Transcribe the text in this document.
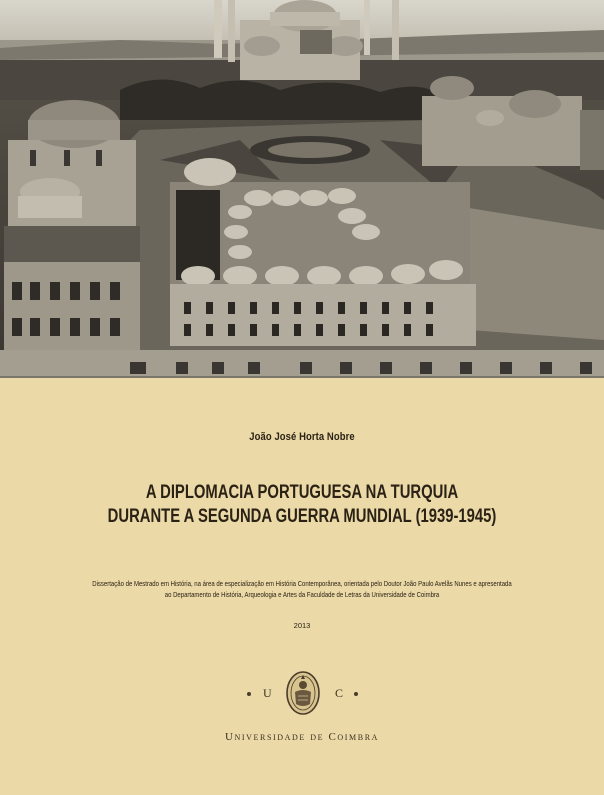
João José Horta Nobre
A DIPLOMACIA PORTUGUESA NA TURQUIA
DURANTE A SEGUNDA GUERRA MUNDIAL (1939-1945)
Dissertação de Mestrado em História, na área de especialização em História Contemporânea, orientada pelo Doutor João Paulo Avelãs Nunes e apresentada
ao Departamento de História, Arqueologia e Artes da Faculdade de Letras da Universidade de Coimbra
2013
U	C
Universidade de Coimbra
